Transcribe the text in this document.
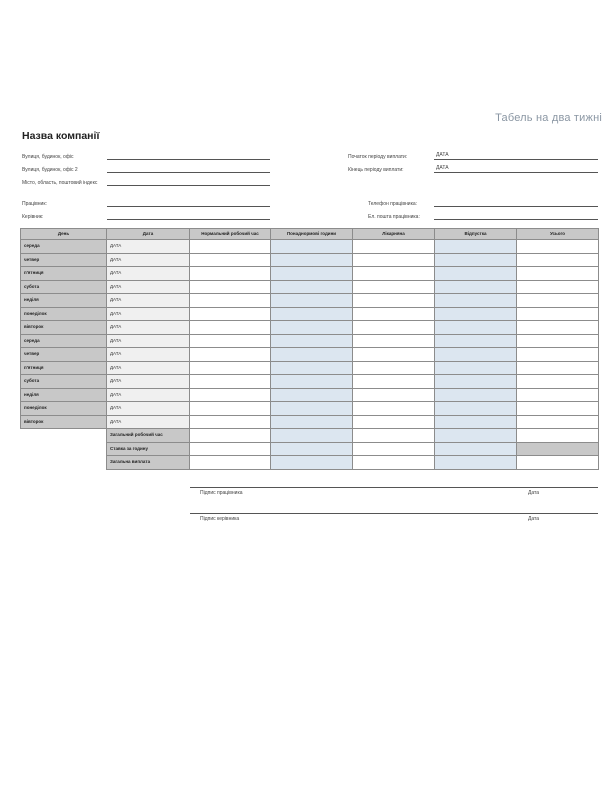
Табель на два тижні
Назва компанії
Вулиця, будинок, офіс
Вулиця, будинок, офіс 2
Місто, область, поштовий індекс
Працівник:
Керівник:
Початок періоду виплати:	ДАТА
Кінець періоду виплати:	ДАТА
Телефон працівника:
Ел. пошта працівника:
День	Дата	Нормальний робочий час	Понаднормові години	Лікарняна	Відпустка	Усього
середа	ДАТА					
четвер	ДАТА					
п'ятниця	ДАТА					
субота	ДАТА					
неділя	ДАТА					
понеділок	ДАТА					
вівторок	ДАТА					
середа	ДАТА					
четвер	ДАТА					
п'ятниця	ДАТА					
субота	ДАТА					
неділя	ДАТА					
понеділок	ДАТА					
вівторок	ДАТА					
	Загальний робочий час					
	Ставка за годину					
	Загальна виплата					
Підпис працівника	Дата
Підпис керівника	Дата
